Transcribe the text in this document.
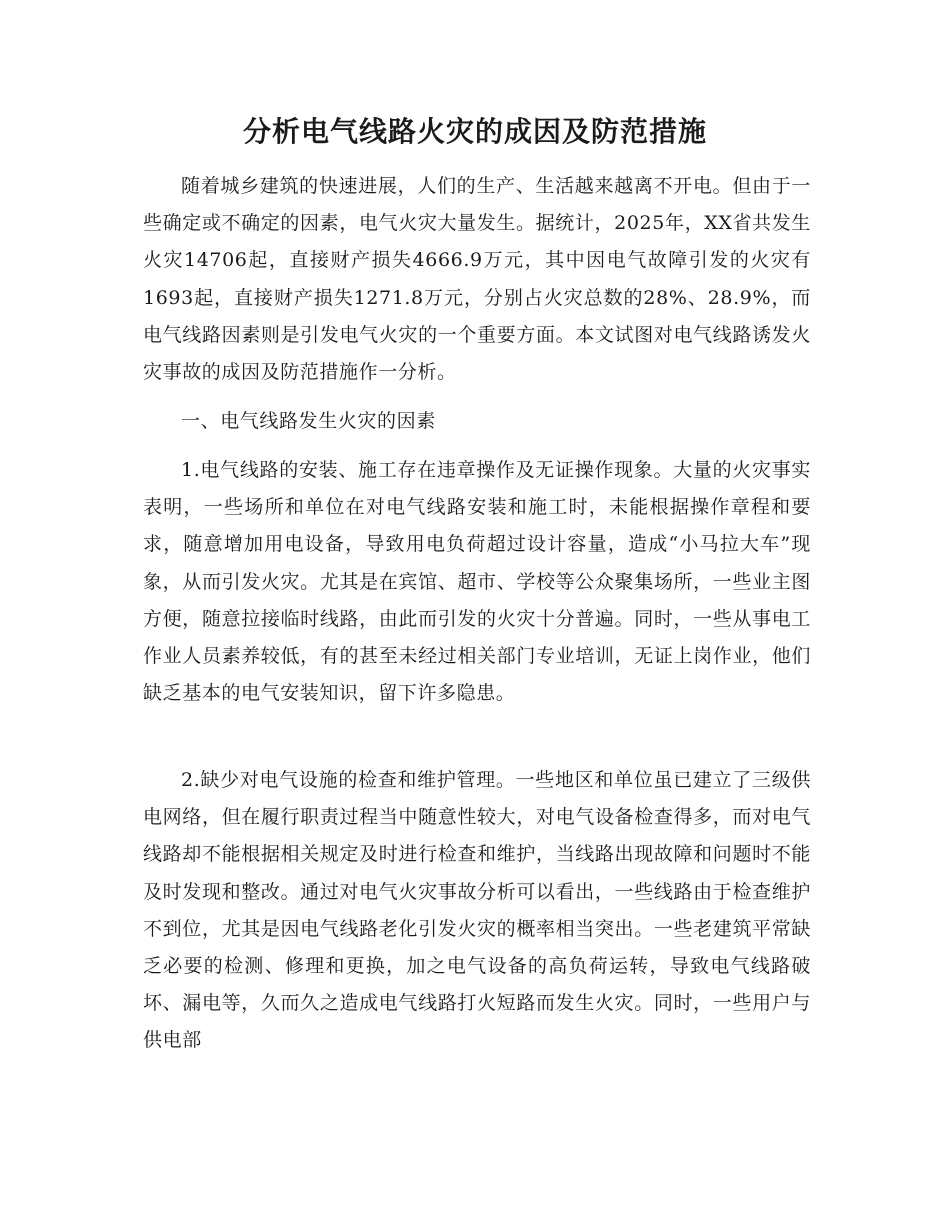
分析电气线路火灾的成因及防范措施

随着城乡建筑的快速进展，人们的生产、生活越来越离不开电。但由于一些确定或不确定的因素，电气火灾大量发生。据统计，2025年，XX省共发生火灾14706起，直接财产损失4666.9万元，其中因电气故障引发的火灾有1693起，直接财产损失1271.8万元，分别占火灾总数的28%、28.9%，而电气线路因素则是引发电气火灾的一个重要方面。本文试图对电气线路诱发火灾事故的成因及防范措施作一分析。

一、电气线路发生火灾的因素

1.电气线路的安装、施工存在违章操作及无证操作现象。大量的火灾事实表明，一些场所和单位在对电气线路安装和施工时，未能根据操作章程和要求，随意增加用电设备，导致用电负荷超过设计容量，造成“小马拉大车”现象，从而引发火灾。尤其是在宾馆、超市、学校等公众聚集场所，一些业主图方便，随意拉接临时线路，由此而引发的火灾十分普遍。同时，一些从事电工作业人员素养较低，有的甚至未经过相关部门专业培训，无证上岗作业，他们缺乏基本的电气安装知识，留下许多隐患。

2.缺少对电气设施的检查和维护管理。一些地区和单位虽已建立了三级供电网络，但在履行职责过程当中随意性较大，对电气设备检查得多，而对电气线路却不能根据相关规定及时进行检查和维护，当线路出现故障和问题时不能及时发现和整改。通过对电气火灾事故分析可以看出，一些线路由于检查维护不到位，尤其是因电气线路老化引发火灾的概率相当突出。一些老建筑平常缺乏必要的检测、修理和更换，加之电气设备的高负荷运转，导致电气线路破坏、漏电等，久而久之造成电气线路打火短路而发生火灾。同时，一些用户与供电部
